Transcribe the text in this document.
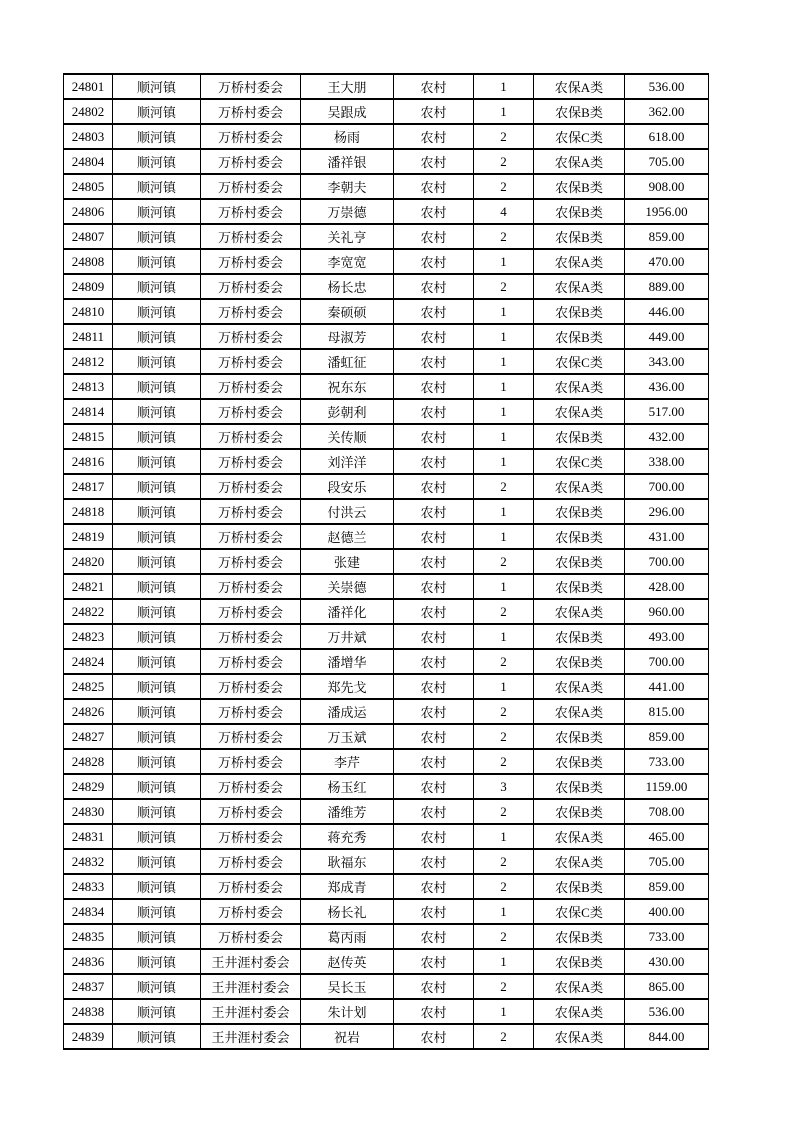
24801	顺河镇	万桥村委会	王大朋	农村	1	农保A类	536.00
24802	顺河镇	万桥村委会	吴跟成	农村	1	农保B类	362.00
24803	顺河镇	万桥村委会	杨雨	农村	2	农保C类	618.00
24804	顺河镇	万桥村委会	潘祥银	农村	2	农保A类	705.00
24805	顺河镇	万桥村委会	李朝夫	农村	2	农保B类	908.00
24806	顺河镇	万桥村委会	万崇德	农村	4	农保B类	1956.00
24807	顺河镇	万桥村委会	关礼亨	农村	2	农保B类	859.00
24808	顺河镇	万桥村委会	李宽宽	农村	1	农保A类	470.00
24809	顺河镇	万桥村委会	杨长忠	农村	2	农保A类	889.00
24810	顺河镇	万桥村委会	秦硕硕	农村	1	农保B类	446.00
24811	顺河镇	万桥村委会	母淑芳	农村	1	农保B类	449.00
24812	顺河镇	万桥村委会	潘虹征	农村	1	农保C类	343.00
24813	顺河镇	万桥村委会	祝东东	农村	1	农保A类	436.00
24814	顺河镇	万桥村委会	彭朝利	农村	1	农保A类	517.00
24815	顺河镇	万桥村委会	关传顺	农村	1	农保B类	432.00
24816	顺河镇	万桥村委会	刘洋洋	农村	1	农保C类	338.00
24817	顺河镇	万桥村委会	段安乐	农村	2	农保A类	700.00
24818	顺河镇	万桥村委会	付洪云	农村	1	农保B类	296.00
24819	顺河镇	万桥村委会	赵德兰	农村	1	农保B类	431.00
24820	顺河镇	万桥村委会	张建	农村	2	农保B类	700.00
24821	顺河镇	万桥村委会	关崇德	农村	1	农保B类	428.00
24822	顺河镇	万桥村委会	潘祥化	农村	2	农保A类	960.00
24823	顺河镇	万桥村委会	万井斌	农村	1	农保B类	493.00
24824	顺河镇	万桥村委会	潘增华	农村	2	农保B类	700.00
24825	顺河镇	万桥村委会	郑先戈	农村	1	农保A类	441.00
24826	顺河镇	万桥村委会	潘成运	农村	2	农保A类	815.00
24827	顺河镇	万桥村委会	万玉斌	农村	2	农保B类	859.00
24828	顺河镇	万桥村委会	李芹	农村	2	农保B类	733.00
24829	顺河镇	万桥村委会	杨玉红	农村	3	农保B类	1159.00
24830	顺河镇	万桥村委会	潘维芳	农村	2	农保B类	708.00
24831	顺河镇	万桥村委会	蒋充秀	农村	1	农保A类	465.00
24832	顺河镇	万桥村委会	耿福东	农村	2	农保A类	705.00
24833	顺河镇	万桥村委会	郑成青	农村	2	农保B类	859.00
24834	顺河镇	万桥村委会	杨长礼	农村	1	农保C类	400.00
24835	顺河镇	万桥村委会	葛丙雨	农村	2	农保B类	733.00
24836	顺河镇	王井涯村委会	赵传英	农村	1	农保B类	430.00
24837	顺河镇	王井涯村委会	吴长玉	农村	2	农保A类	865.00
24838	顺河镇	王井涯村委会	朱计划	农村	1	农保A类	536.00
24839	顺河镇	王井涯村委会	祝岩	农村	2	农保A类	844.00
